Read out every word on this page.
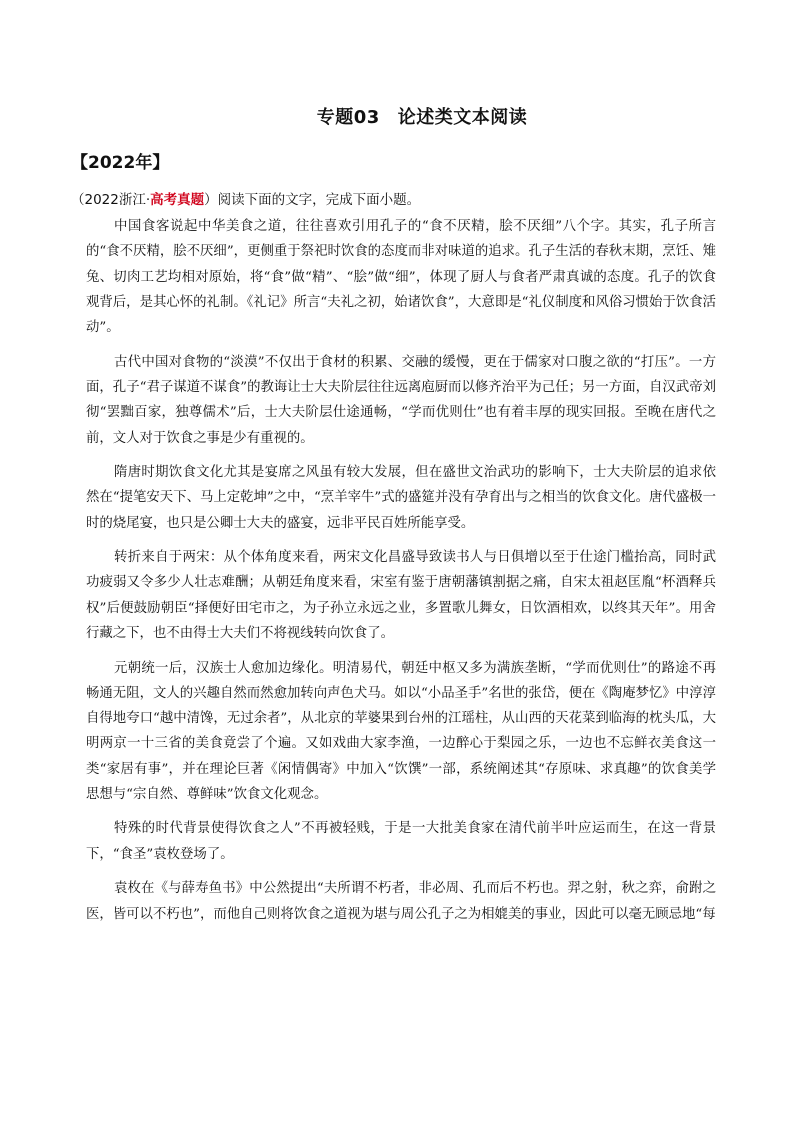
专题03 论述类文本阅读
【2022年】
（2022浙江·高考真题）阅读下面的文字，完成下面小题。

中国食客说起中华美食之道，往往喜欢引用孔子的“食不厌精，脍不厌细”八个字。其实，孔子所言的“食不厌精，脍不厌细”，更侧重于祭祀时饮食的态度而非对味道的追求。孔子生活的春秋末期，烹饪、雉兔、切肉工艺均相对原始，将“食”做“精”、“脍”做“细”，体现了厨人与食者严肃真诚的态度。孔子的饮食观背后，是其心怀的礼制。《礼记》所言“夫礼之初，始诸饮食”，大意即是“礼仪制度和风俗习惯始于饮食活动”。

古代中国对食物的“淡漠”不仅出于食材的积累、交融的缓慢，更在于儒家对口腹之欲的“打压”。一方面，孔子“君子谋道不谋食”的教诲让士大夫阶层往往远离庖厨而以修齐治平为己任；另一方面，自汉武帝刘彻“罢黜百家，独尊儒术”后，士大夫阶层仕途通畅，“学而优则仕”也有着丰厚的现实回报。至晚在唐代之前，文人对于饮食之事是少有重视的。

隋唐时期饮食文化尤其是宴席之风虽有较大发展，但在盛世文治武功的影响下，士大夫阶层的追求依然在“提笔安天下、马上定乾坤”之中，“烹羊宰牛”式的盛筵并没有孕育出与之相当的饮食文化。唐代盛极一时的烧尾宴，也只是公卿士大夫的盛宴，远非平民百姓所能享受。

转折来自于两宋：从个体角度来看，两宋文化昌盛导致读书人与日俱增以至于仕途门槛抬高，同时武功疲弱又令多少人壮志难酬；从朝廷角度来看，宋室有鉴于唐朝藩镇割据之痛，自宋太祖赵匡胤“杯酒释兵权”后便鼓励朝臣“择便好田宅市之，为子孙立永远之业，多置歌儿舞女，日饮酒相欢，以终其天年”。用舍行藏之下，也不由得士大夫们不将视线转向饮食了。

元朝统一后，汉族士人愈加边缘化。明清易代，朝廷中枢又多为满族垄断，“学而优则仕”的路途不再畅通无阻，文人的兴趣自然而然愈加转向声色犬马。如以“小品圣手”名世的张岱，便在《陶庵梦忆》中淳淳自得地夸口“越中清馋，无过余者”，从北京的苹婆果到台州的江瑶柱，从山西的天花菜到临海的枕头瓜，大明两京一十三省的美食竟尝了个遍。又如戏曲大家李渔，一边醉心于梨园之乐，一边也不忘鲜衣美食这一类“家居有事”，并在理论巨著《闲情偶寄》中加入“饮馔”一部，系统阐述其“存原味、求真趣”的饮食美学思想与“宗自然、尊鲜味”饮食文化观念。

特殊的时代背景使得饮食之人”不再被轻贱，于是一大批美食家在清代前半叶应运而生，在这一背景下，“食圣”袁枚登场了。

袁枚在《与薛寿鱼书》中公然提出“夫所谓不朽者，非必周、孔而后不朽也。羿之射，秋之弈，俞跗之医，皆可以不朽也”，而他自己则将饮食之道视为堪与周公孔子之为相媲美的事业，因此可以毫无顾忌地“每
